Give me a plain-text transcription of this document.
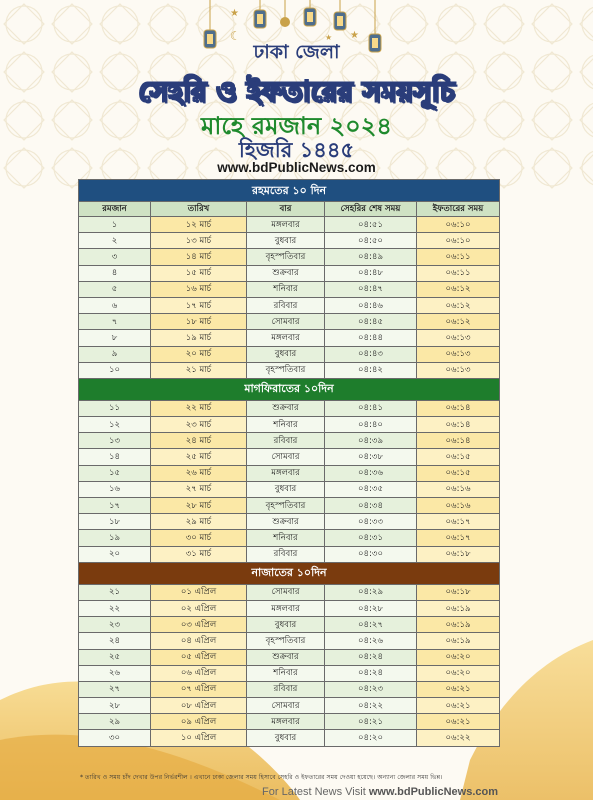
★
★
★
☾
ঢাকা জেলা
সেহরি ও ইফতারের সময়সূচি
মাহে রমজান ২০২৪
হিজরি ১৪৪৫
www.bdPublicNews.com
রহমতের ১০ দিন				
রমজান	তারিখ	বার	সেহরির শেষ সময়	ইফতারের সময়
১	১২ মার্চ	মঙ্গলবার	০৪:৫১	০৬:১০
২	১৩ মার্চ	বুধবার	০৪:৫০	০৬:১০
৩	১৪ মার্চ	বৃহস্পতিবার	০৪:৪৯	০৬:১১
৪	১৫ মার্চ	শুক্রবার	০৪:৪৮	০৬:১১
৫	১৬ মার্চ	শনিবার	০৪:৪৭	০৬:১২
৬	১৭ মার্চ	রবিবার	০৪:৪৬	০৬:১২
৭	১৮ মার্চ	সোমবার	০৪:৪৫	০৬:১২
৮	১৯ মার্চ	মঙ্গলবার	০৪:৪৪	০৬:১৩
৯	২০ মার্চ	বুধবার	০৪:৪৩	০৬:১৩
১০	২১ মার্চ	বৃহস্পতিবার	০৪:৪২	০৬:১৩
মাগফিরাতের ১০দিন				
১১	২২ মার্চ	শুক্রবার	০৪:৪১	০৬:১৪
১২	২৩ মার্চ	শনিবার	০৪:৪০	০৬:১৪
১৩	২৪ মার্চ	রবিবার	০৪:৩৯	০৬:১৪
১৪	২৫ মার্চ	সোমবার	০৪:৩৮	০৬:১৫
১৫	২৬ মার্চ	মঙ্গলবার	০৪:৩৬	০৬:১৫
১৬	২৭ মার্চ	বুধবার	০৪:৩৫	০৬:১৬
১৭	২৮ মার্চ	বৃহস্পতিবার	০৪:৩৪	০৬:১৬
১৮	২৯ মার্চ	শুক্রবার	০৪:৩৩	০৬:১৭
১৯	৩০ মার্চ	শনিবার	০৪:৩১	০৬:১৭
২০	৩১ মার্চ	রবিবার	০৪:৩০	০৬:১৮
নাজাতের ১০দিন				
২১	০১ এপ্রিল	সোমবার	০৪:২৯	০৬:১৮
২২	০২ এপ্রিল	মঙ্গলবার	০৪:২৮	০৬:১৯
২৩	০৩ এপ্রিল	বুধবার	০৪:২৭	০৬:১৯
২৪	০৪ এপ্রিল	বৃহস্পতিবার	০৪:২৬	০৬:১৯
২৫	০৫ এপ্রিল	শুক্রবার	০৪:২৪	০৬:২০
২৬	০৬ এপ্রিল	শনিবার	০৪:২৪	০৬:২০
২৭	০৭ এপ্রিল	রবিবার	০৪:২৩	০৬:২১
২৮	০৮ এপ্রিল	সোমবার	০৪:২২	০৬:২১
২৯	০৯ এপ্রিল	মঙ্গলবার	০৪:২১	০৬:২১
৩০	১০ এপ্রিল	বুধবার	০৪:২০	০৬:২২
* তারিখ ও সময় চাঁদ দেখার উপর নির্ভরশীল । এখানে ঢাকা জেলার সময় হিসাবে সেহরি ও ইফতারের সময় দেওয়া হয়েছে। অন্যান্য জেলার সময় ভিন্ন।
For Latest News Visit www.bdPublicNews.com
